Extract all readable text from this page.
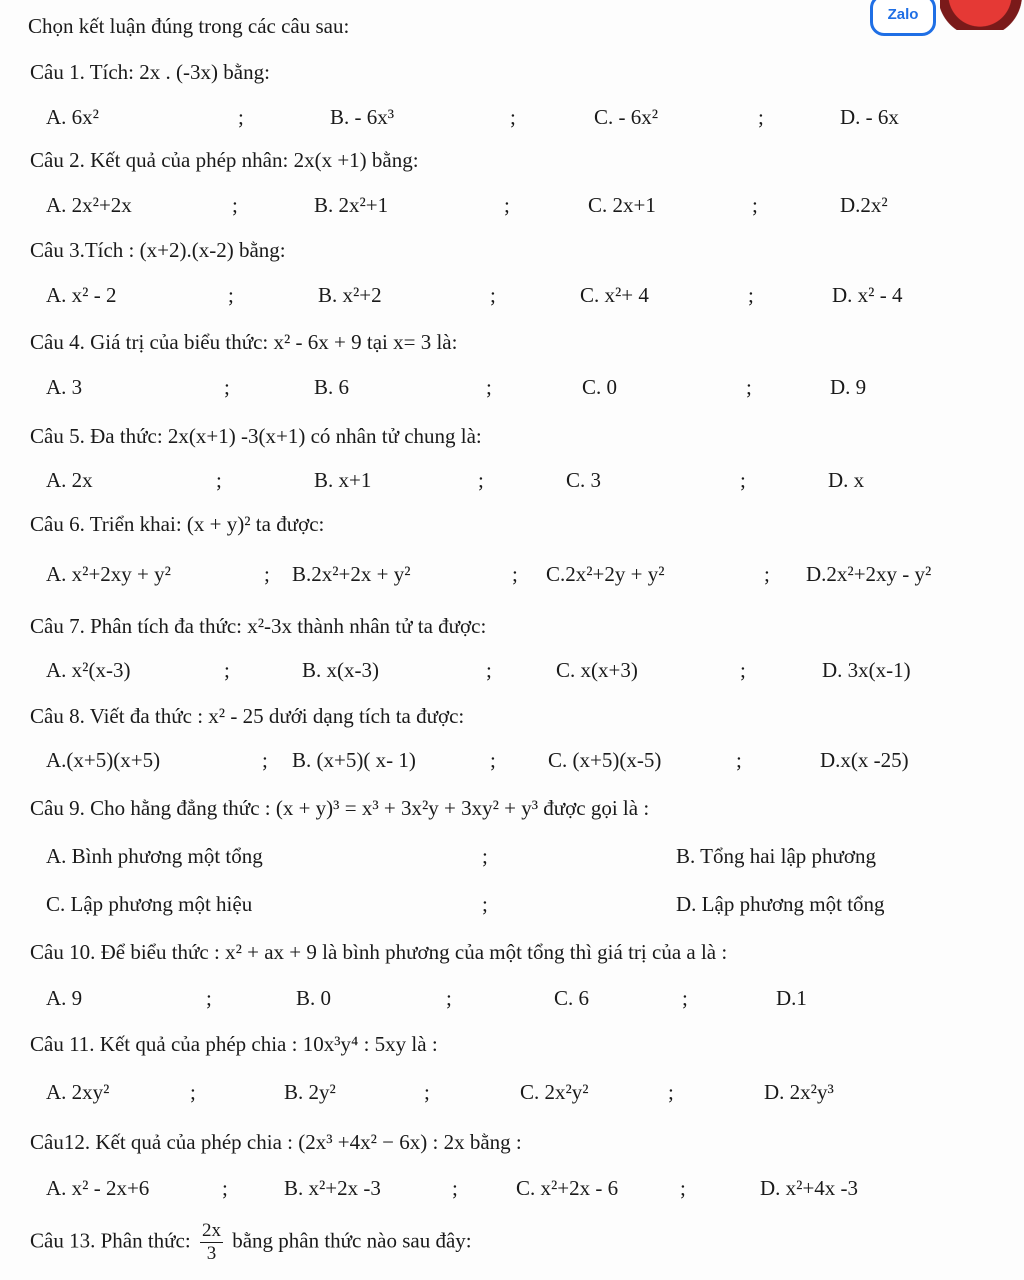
Zalo
Chọn kết luận đúng trong các câu sau:
Câu 1. Tích: 2x . (-3x) bằng:
A. 6x²	;	B. - 6x³	;	C. - 6x²	;	D. - 6x
Câu 2. Kết quả của phép nhân: 2x(x +1) bằng:
A. 2x²+2x	;	B. 2x²+1	;	C. 2x+1	;	D.2x²
Câu 3.Tích : (x+2).(x-2) bằng:
A. x² - 2	;	B. x²+2	;	C. x²+ 4	;	D. x² - 4
Câu 4. Giá trị của biểu thức: x² - 6x + 9 tại x= 3 là:
A. 3	;	B. 6	;	C. 0	;	D. 9
Câu 5. Đa thức: 2x(x+1) -3(x+1) có nhân tử chung là:
A. 2x	;	B. x+1	;	C. 3	;	D. x
Câu 6. Triển khai: (x + y)² ta được:
A. x²+2xy + y²	; B.2x²+2x + y²	; C.2x²+2y + y²	; D.2x²+2xy - y²
Câu 7. Phân tích đa thức: x²-3x thành nhân tử ta được:
A. x²(x-3)	;	B. x(x-3)	;	C. x(x+3)	;	D. 3x(x-1)
Câu 8. Viết đa thức : x² - 25 dưới dạng tích ta được:
A.(x+5)(x+5)	; B. (x+5)( x- 1)	; C. (x+5)(x-5)	;	D.x(x -25)
Câu 9. Cho hằng đẳng thức : (x + y)³ = x³ + 3x²y + 3xy² + y³ được gọi là :
A. Bình phương một tổng	;	B. Tổng hai lập phương
C. Lập phương một hiệu	;	D. Lập phương một tổng
Câu 10. Để biểu thức : x² + ax + 9 là bình phương của một tổng thì giá trị của a là :
A. 9	;	B. 0	;	C. 6	;	D.1
Câu 11. Kết quả của phép chia : 10x³y⁴ : 5xy là :
A. 2xy²	;	B. 2y²	;	C. 2x²y²	;	D. 2x²y³
Câu12. Kết quả của phép chia : (2x³ +4x² − 6x) : 2x bằng :
A. x² - 2x+6	;	B. x²+2x -3	;	C. x²+2x - 6	;	D. x²+4x -3
Câu 13. Phân thức: $\frac{2x}{3}$ bằng phân thức nào sau đây:
